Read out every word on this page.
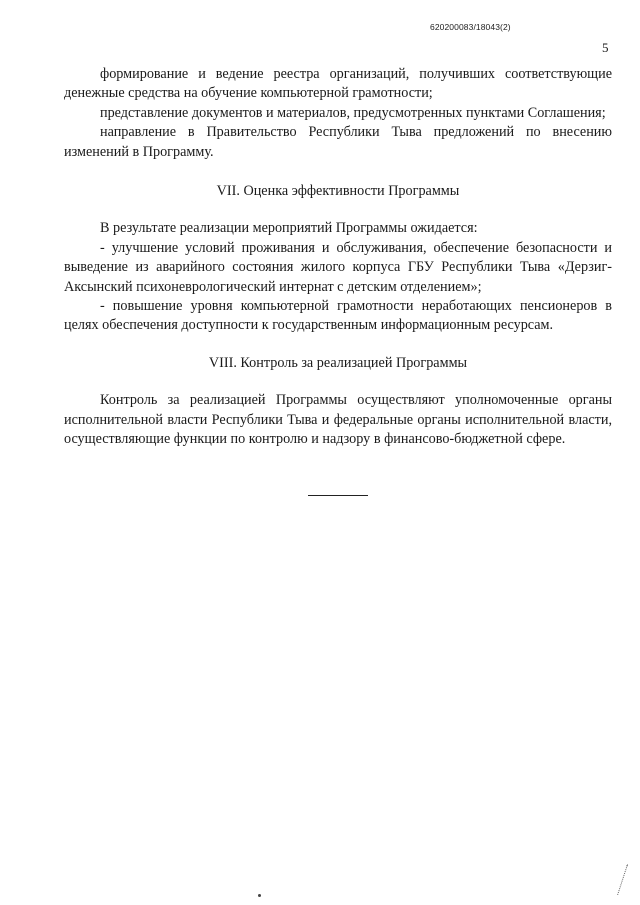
620200083/18043(2)
5

формирование и ведение реестра организаций, получивших соответствующие денежные средства на обучение компьютерной грамотности;

представление документов и материалов, предусмотренных пунктами Соглашения;

направление в Правительство Республики Тыва предложений по внесению изменений в Программу.

VII. Оценка эффективности Программы

В результате реализации мероприятий Программы ожидается:

- улучшение условий проживания и обслуживания, обеспечение безопасности и выведение из аварийного состояния жилого корпуса ГБУ Республики Тыва «Дерзиг-Аксынский психоневрологический интернат с детским отделением»;

- повышение уровня компьютерной грамотности неработающих пенсионеров в целях обеспечения доступности к государственным информационным ресурсам.

VIII. Контроль за реализацией Программы

Контроль за реализацией Программы осуществляют уполномоченные органы исполнительной власти Республики Тыва и федеральные органы исполнительной власти, осуществляющие функции по контролю и надзору в финансово-бюджетной сфере.
